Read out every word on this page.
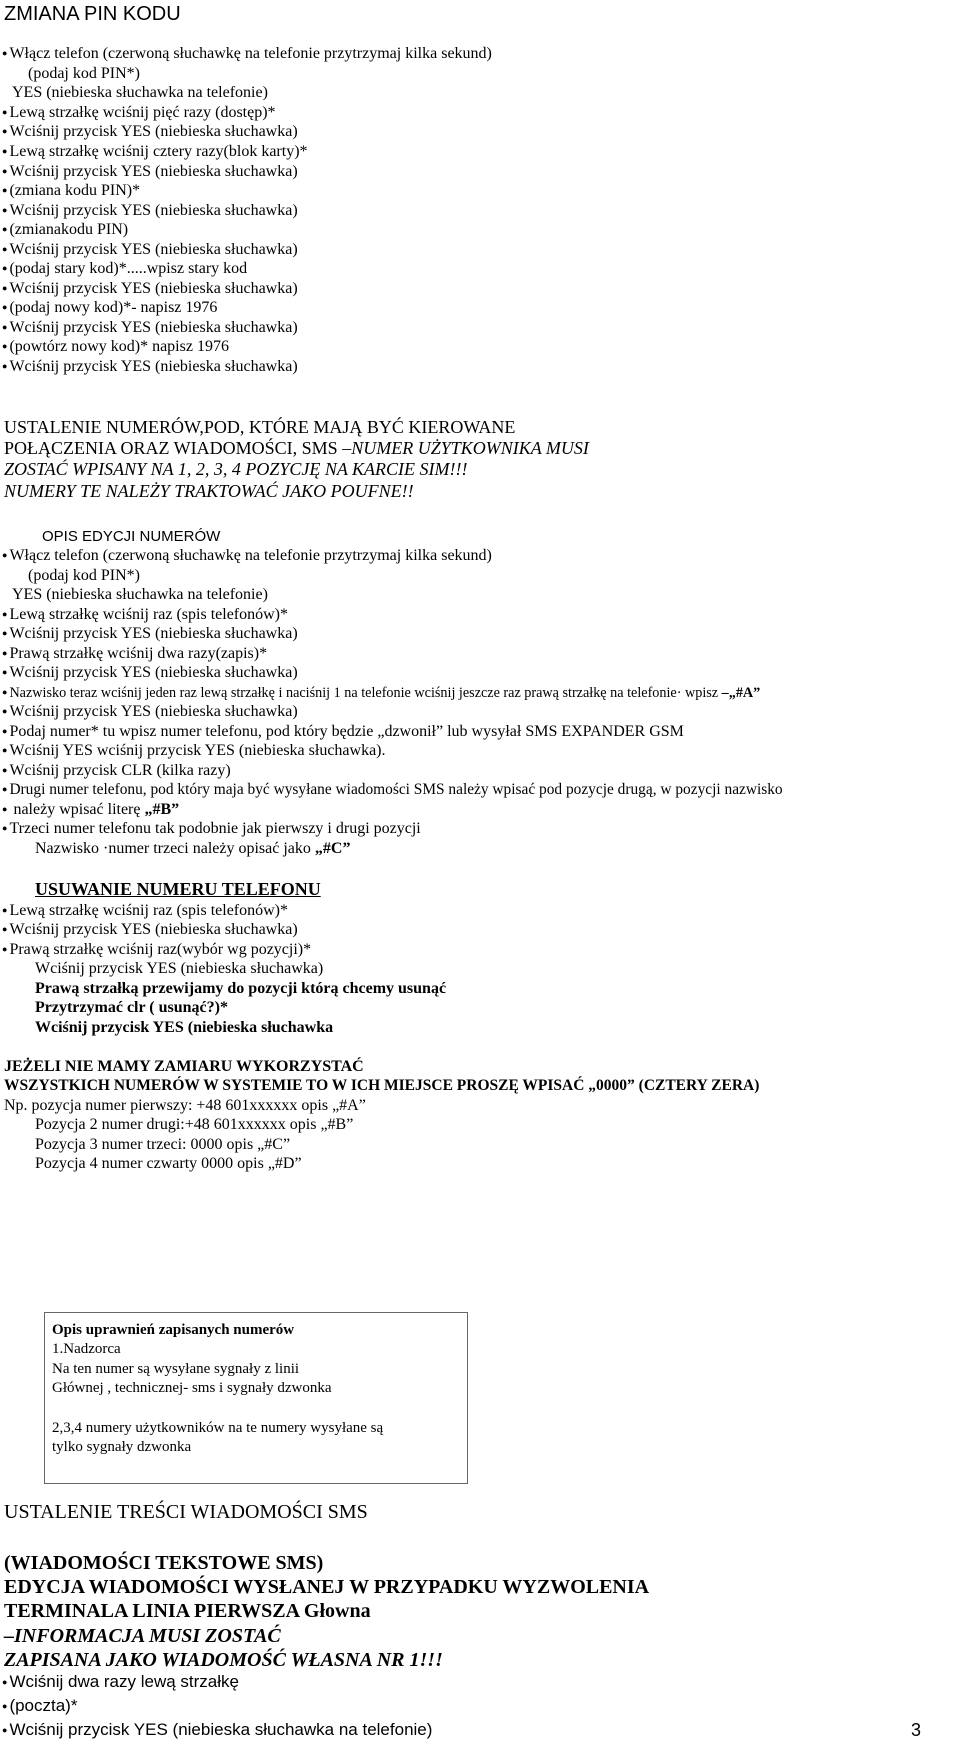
ZMIANA PIN KODU
● Włącz telefon (czerwoną słuchawkę na telefonie przytrzymaj kilka sekund)
(podaj kod PIN*)
YES (niebieska słuchawka na telefonie)
● Lewą strzałkę wciśnij pięć razy (dostęp)*
● Wciśnij przycisk YES (niebieska słuchawka)
● Lewą strzałkę wciśnij cztery razy(blok karty)*
● Wciśnij przycisk YES (niebieska słuchawka)
● (zmiana kodu PIN)*
● Wciśnij przycisk YES (niebieska słuchawka)
● (zmianakodu PIN)
● Wciśnij przycisk YES (niebieska słuchawka)
● (podaj stary kod)*.....wpisz stary kod
● Wciśnij przycisk YES (niebieska słuchawka)
● (podaj nowy kod)*- napisz 1976
● Wciśnij przycisk YES (niebieska słuchawka)
● (powtórz nowy kod)* napisz 1976
● Wciśnij przycisk YES (niebieska słuchawka)
USTALENIE NUMERÓW,POD, KTÓRE MAJĄ BYĆ KIEROWANE
POŁĄCZENIA ORAZ WIADOMOŚCI, SMS –NUMER UŻYTKOWNIKA MUSI
ZOSTAĆ WPISANY NA 1, 2, 3, 4 POZYCJĘ NA KARCIE SIM!!!
NUMERY TE NALEŻY TRAKTOWAĆ JAKO POUFNE!!
OPIS EDYCJI NUMERÓW
● Włącz telefon (czerwoną słuchawkę na telefonie przytrzymaj kilka sekund)
(podaj kod PIN*)
YES (niebieska słuchawka na telefonie)
● Lewą strzałkę wciśnij raz (spis telefonów)*
● Wciśnij przycisk YES (niebieska słuchawka)
● Prawą strzałkę wciśnij dwa razy(zapis)*
● Wciśnij przycisk YES (niebieska słuchawka)
● Nazwisko teraz wciśnij jeden raz lewą strzałkę i naciśnij 1 na telefonie wciśnij jeszcze raz prawą strzałkę na telefonie· wpisz –„#A”
● Wciśnij przycisk YES (niebieska słuchawka)
● Podaj numer* tu wpisz numer telefonu, pod który będzie „dzwonił” lub wysyłał SMS EXPANDER GSM
● Wciśnij YES wciśnij przycisk YES (niebieska słuchawka).
● Wciśnij przycisk CLR (kilka razy)
● Drugi numer telefonu, pod który maja być wysyłane wiadomości SMS należy wpisać pod pozycje drugą, w pozycji nazwisko
● należy wpisać literę „#B”
● Trzeci numer telefonu tak podobnie jak pierwszy i drugi pozycji
Nazwisko ·numer trzeci należy opisać jako „#C”
USUWANIE NUMERU TELEFONU
● Lewą strzałkę wciśnij raz (spis telefonów)*
● Wciśnij przycisk YES (niebieska słuchawka)
● Prawą strzałkę wciśnij raz(wybór wg pozycji)*
Wciśnij przycisk YES (niebieska słuchawka)
Prawą strzałką przewijamy do pozycji którą chcemy usunąć
Przytrzymać clr ( usunąć?)*
Wciśnij przycisk YES (niebieska słuchawka
JEŻELI NIE MAMY ZAMIARU WYKORZYSTAĆ
WSZYSTKICH NUMERÓW W SYSTEMIE TO W ICH MIEJSCE PROSZĘ WPISAĆ „0000” (CZTERY ZERA)
Np. pozycja numer pierwszy: +48 601xxxxxx opis „#A”
Pozycja 2 numer drugi:+48 601xxxxxx opis „#B”
Pozycja 3 numer trzeci: 0000 opis „#C”
Pozycja 4 numer czwarty 0000 opis „#D”
Opis uprawnień zapisanych numerów
1.Nadzorca
Na ten numer są wysyłane sygnały z linii
Głównej , technicznej- sms i sygnały dzwonka
2,3,4 numery użytkowników na te numery wysyłane są
tylko sygnały dzwonka
USTALENIE TREŚCI WIADOMOŚCI SMS
(WIADOMOŚCI TEKSTOWE SMS)
EDYCJA WIADOMOŚCI WYSŁANEJ W PRZYPADKU WYZWOLENIA
TERMINALA LINIA PIERWSZA Głowna
–INFORMACJA MUSI ZOSTAĆ
ZAPISANA JAKO WIADOMOŚĆ WŁASNA NR 1!!!
● Wciśnij dwa razy lewą strzałkę
● (poczta)*
● Wciśnij przycisk YES (niebieska słuchawka na telefonie)	3
